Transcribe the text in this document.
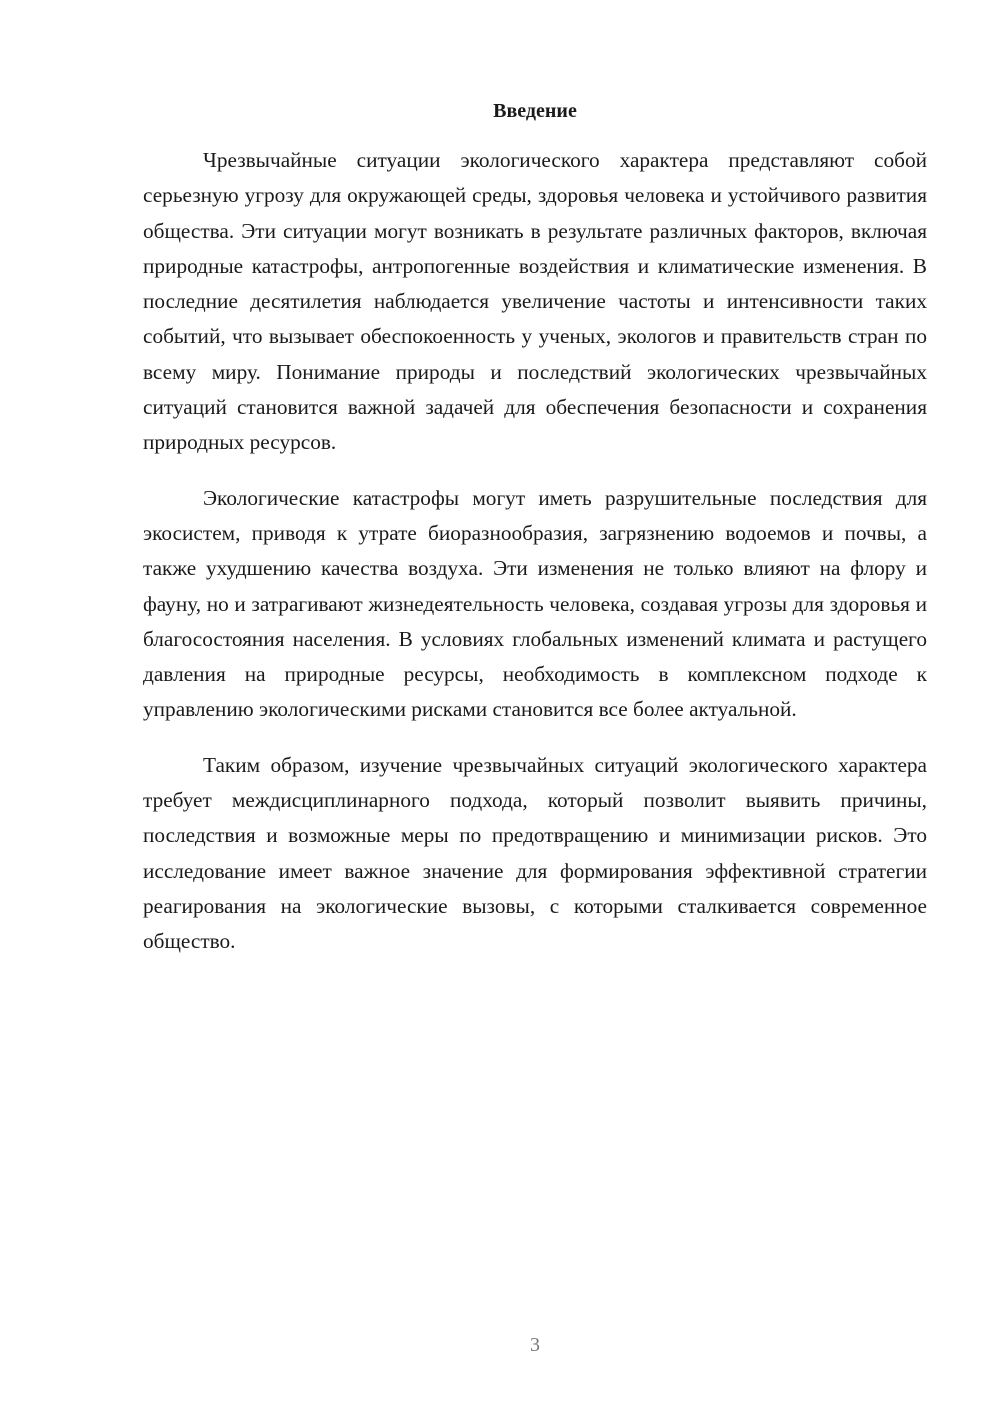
Введение

Чрезвычайные ситуации экологического характера представляют собой серьезную угрозу для окружающей среды, здоровья человека и устойчивого развития общества. Эти ситуации могут возникать в результате различных факторов, включая природные катастрофы, антропогенные воздействия и климатические изменения. В последние десятилетия наблюдается увеличение частоты и интенсивности таких событий, что вызывает обеспокоенность у ученых, экологов и правительств стран по всему миру. Понимание природы и последствий экологических чрезвычайных ситуаций становится важной задачей для обеспечения безопасности и сохранения природных ресурсов.

Экологические катастрофы могут иметь разрушительные последствия для экосистем, приводя к утрате биоразнообразия, загрязнению водоемов и почвы, а также ухудшению качества воздуха. Эти изменения не только влияют на флору и фауну, но и затрагивают жизнедеятельность человека, создавая угрозы для здоровья и благосостояния населения. В условиях глобальных изменений климата и растущего давления на природные ресурсы, необходимость в комплексном подходе к управлению экологическими рисками становится все более актуальной.

Таким образом, изучение чрезвычайных ситуаций экологического характера требует междисциплинарного подхода, который позволит выявить причины, последствия и возможные меры по предотвращению и минимизации рисков. Это исследование имеет важное значение для формирования эффективной стратегии реагирования на экологические вызовы, с которыми сталкивается современное общество.

3
